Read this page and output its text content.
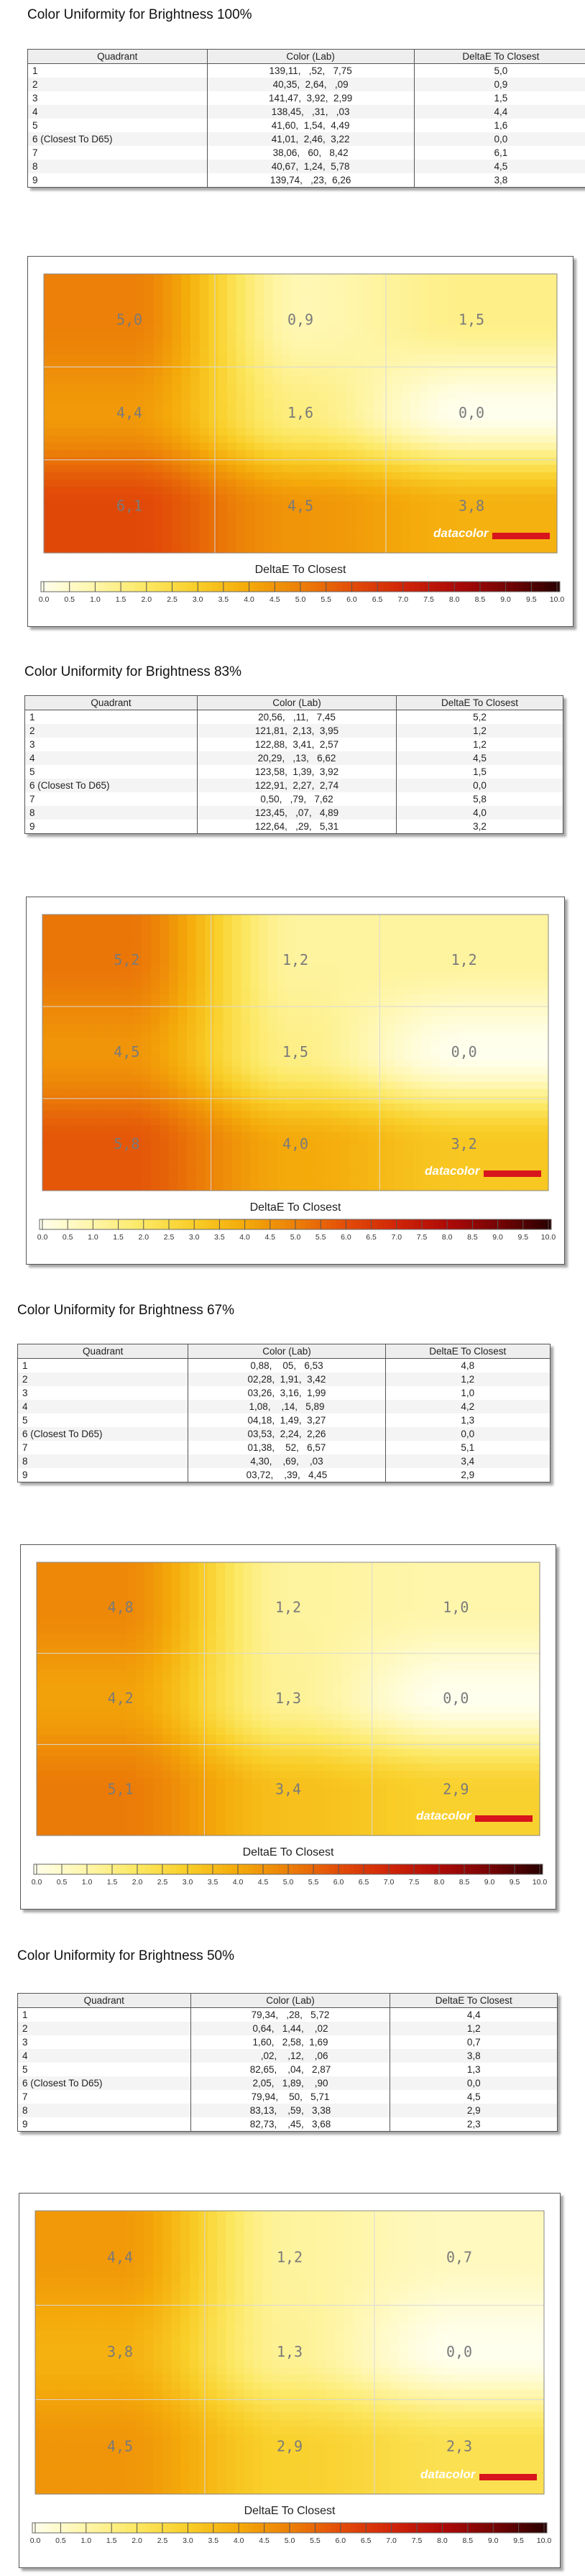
Color Uniformity for Brightness 100%
Quadrant	Color (Lab)	DeltaE To Closest
1	139,11,   ,52,   7,75	5,0
2	40,35,  2,64,   ,09	0,9
3	141,47,  3,92,  2,99	1,5
4	138,45,   ,31,   ,03	4,4
5	41,60,  1,54,  4,49	1,6
6 (Closest To D65)	41,01,  2,46,  3,22	0,0
7	38,06,   60,   8,42	6,1
8	40,67,  1,24,  5,78	4,5
9	139,74,   ,23,  6,26	3,8
5,0	0,9	1,5
4,4	1,6	0,0
6,1	4,5	3,8
datacolor
DeltaE To Closest
0.0 0.5 1.0 1.5 2.0 2.5 3.0 3.5 4.0 4.5 5.0 5.5 6.0 6.5 7.0 7.5 8.0 8.5 9.0 9.5 10.0
Color Uniformity for Brightness 83%
Quadrant	Color (Lab)	DeltaE To Closest
1	20,56,   ,11,   7,45	5,2
2	121,81,  2,13,  3,95	1,2
3	122,88,  3,41,  2,57	1,2
4	20,29,   ,13,   6,62	4,5
5	123,58,  1,39,  3,92	1,5
6 (Closest To D65)	122,91,  2,27,  2,74	0,0
7	0,50,   ,79,   7,62	5,8
8	123,45,   ,07,   4,89	4,0
9	122,64,   ,29,   5,31	3,2
5,2	1,2	1,2
4,5	1,5	0,0
5,8	4,0	3,2
datacolor
DeltaE To Closest
0.0 0.5 1.0 1.5 2.0 2.5 3.0 3.5 4.0 4.5 5.0 5.5 6.0 6.5 7.0 7.5 8.0 8.5 9.0 9.5 10.0
Color Uniformity for Brightness 67%
Quadrant	Color (Lab)	DeltaE To Closest
1	0,88,    05,   6,53	4,8
2	02,28,  1,91,  3,42	1,2
3	03,26,  3,16,  1,99	1,0
4	1,08,    ,14,   5,89	4,2
5	04,18,  1,49,  3,27	1,3
6 (Closest To D65)	03,53,  2,24,  2,26	0,0
7	01,38,    52,   6,57	5,1
8	4,30,    ,69,    ,03	3,4
9	03,72,    ,39,   4,45	2,9
4,8	1,2	1,0
4,2	1,3	0,0
5,1	3,4	2,9
datacolor
DeltaE To Closest
0.0 0.5 1.0 1.5 2.0 2.5 3.0 3.5 4.0 4.5 5.0 5.5 6.0 6.5 7.0 7.5 8.0 8.5 9.0 9.5 10.0
Color Uniformity for Brightness 50%
Quadrant	Color (Lab)	DeltaE To Closest
1	79,34,   ,28,   5,72	4,4
2	0,64,   1,44,    ,02	1,2
3	1,60,   2,58,  1,69	0,7
4	,02,    ,12,    ,06	3,8
5	82,65,    ,04,   2,87	1,3
6 (Closest To D65)	2,05,   1,89,    ,90	0,0
7	79,94,    50,   5,71	4,5
8	83,13,    ,59,   3,38	2,9
9	82,73,    ,45,   3,68	2,3
4,4	1,2	0,7
3,8	1,3	0,0
4,5	2,9	2,3
datacolor
DeltaE To Closest
0.0 0.5 1.0 1.5 2.0 2.5 3.0 3.5 4.0 4.5 5.0 5.5 6.0 6.5 7.0 7.5 8.0 8.5 9.0 9.5 10.0
